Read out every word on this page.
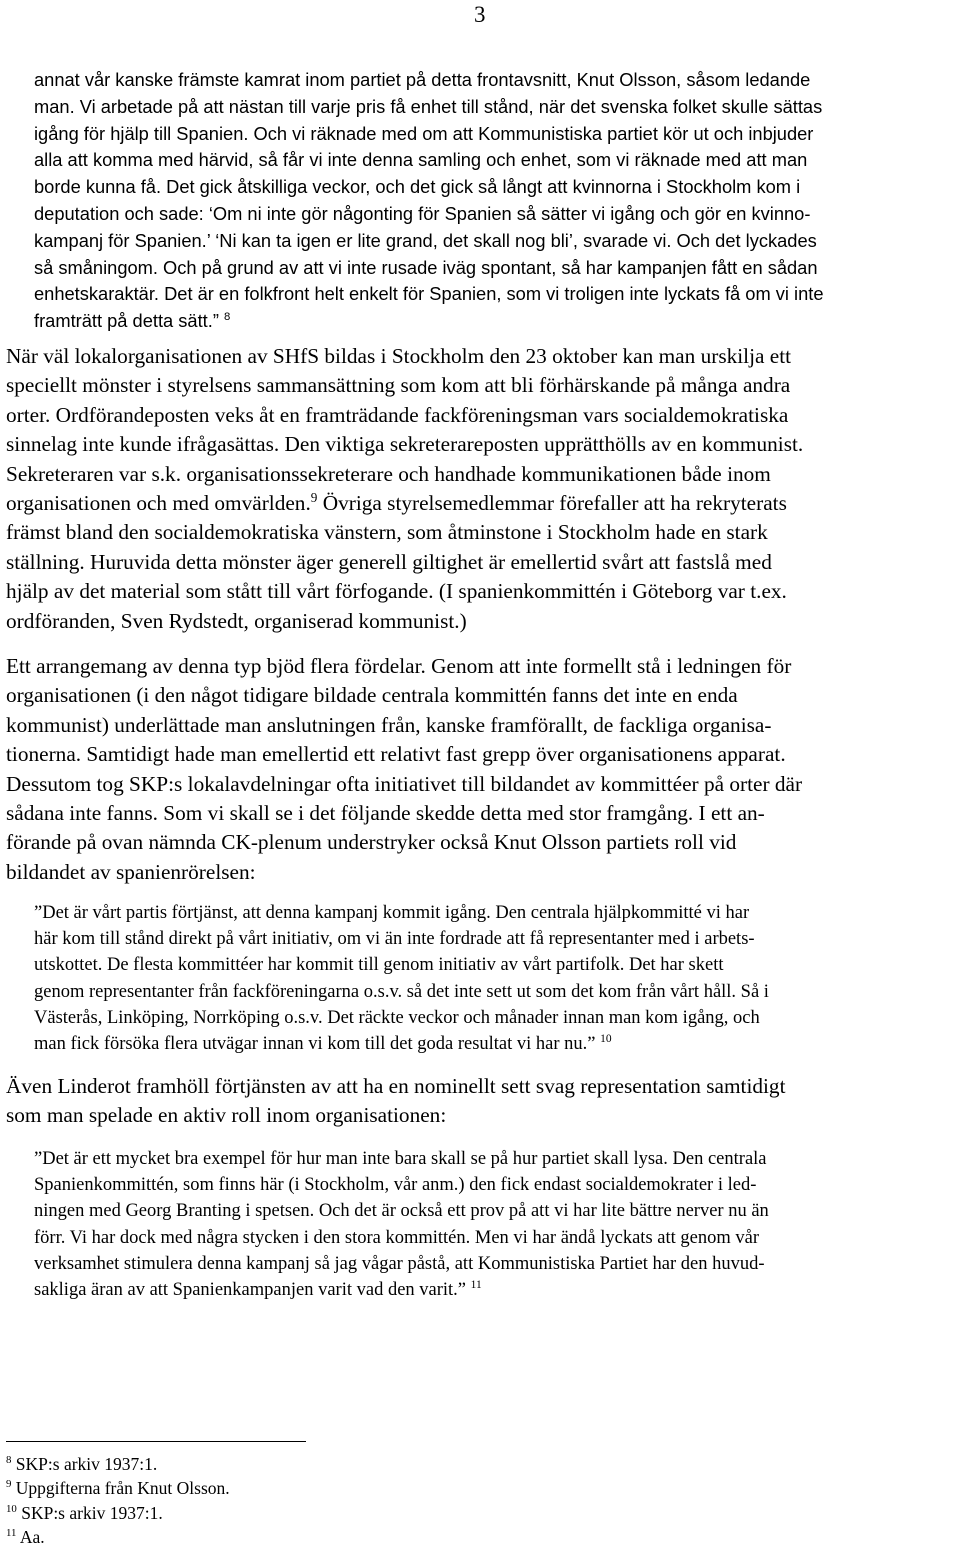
3
annat vår kanske främste kamrat inom partiet på detta frontavsnitt, Knut Olsson, såsom ledande
man. Vi arbetade på att nästan till varje pris få enhet till stånd, när det svenska folket skulle sättas
igång för hjälp till Spanien. Och vi räknade med om att Kommunistiska partiet kör ut och inbjuder
alla att komma med härvid, så får vi inte denna samling och enhet, som vi räknade med att man
borde kunna få. Det gick åtskilliga veckor, och det gick så långt att kvinnorna i Stockholm kom i
deputation och sade: ‘Om ni inte gör någonting för Spanien så sätter vi igång och gör en kvinno-
kampanj för Spanien.’ ‘Ni kan ta igen er lite grand, det skall nog bli’, svarade vi. Och det lyckades
så småningom. Och på grund av att vi inte rusade iväg spontant, så har kampanjen fått en sådan
enhetskaraktär. Det är en folkfront helt enkelt för Spanien, som vi troligen inte lyckats få om vi inte
framträtt på detta sätt.” $^8$
När väl lokalorganisationen av SHfS bildas i Stockholm den 23 oktober kan man urskilja ett
speciellt mönster i styrelsens sammansättning som kom att bli förhärskande på många andra
orter. Ordförandeposten veks åt en framträdande fackföreningsman vars socialdemokratiska
sinnelag inte kunde ifrågasättas. Den viktiga sekreterareposten upprätthölls av en kommunist.
Sekreteraren var s.k. organisationssekreterare och handhade kommunikationen både inom
organisationen och med omvärlden.$^9$ Övriga styrelsemedlemmar förefaller att ha rekryterats
främst bland den socialdemokratiska vänstern, som åtminstone i Stockholm hade en stark
ställning. Huruvida detta mönster äger generell giltighet är emellertid svårt att fastslå med
hjälp av det material som stått till vårt förfogande. (I spanienkommittén i Göteborg var t.ex.
ordföranden, Sven Rydstedt, organiserad kommunist.)
Ett arrangemang av denna typ bjöd flera fördelar. Genom att inte formellt stå i ledningen för
organisationen (i den något tidigare bildade centrala kommittén fanns det inte en enda
kommunist) underlättade man anslutningen från, kanske framförallt, de fackliga organisa-
tionerna. Samtidigt hade man emellertid ett relativt fast grepp över organisationens apparat.
Dessutom tog SKP:s lokalavdelningar ofta initiativet till bildandet av kommittéer på orter där
sådana inte fanns. Som vi skall se i det följande skedde detta med stor framgång. I ett an-
förande på ovan nämnda CK-plenum understryker också Knut Olsson partiets roll vid
bildandet av spanienrörelsen:
”Det är vårt partis förtjänst, att denna kampanj kommit igång. Den centrala hjälpkommitté vi har
här kom till stånd direkt på vårt initiativ, om vi än inte fordrade att få representanter med i arbets-
utskottet. De flesta kommittéer har kommit till genom initiativ av vårt partifolk. Det har skett
genom representanter från fackföreningarna o.s.v. så det inte sett ut som det kom från vårt håll. Så i
Västerås, Linköping, Norrköping o.s.v. Det räckte veckor och månader innan man kom igång, och
man fick försöka flera utvägar innan vi kom till det goda resultat vi har nu.” $^{10}$
Även Linderot framhöll förtjänsten av att ha en nominellt sett svag representation samtidigt
som man spelade en aktiv roll inom organisationen:
”Det är ett mycket bra exempel för hur man inte bara skall se på hur partiet skall lysa. Den centrala
Spanienkommittén, som finns här (i Stockholm, vår anm.) den fick endast socialdemokrater i led-
ningen med Georg Branting i spetsen. Och det är också ett prov på att vi har lite bättre nerver nu än
förr. Vi har dock med några stycken i den stora kommittén. Men vi har ändå lyckats att genom vår
verksamhet stimulera denna kampanj så jag vågar påstå, att Kommunistiska Partiet har den huvud-
sakliga äran av att Spanienkampanjen varit vad den varit.” $^{11}$
$^8$ SKP:s arkiv 1937:1.
$^9$ Uppgifterna från Knut Olsson.
$^{10}$ SKP:s arkiv 1937:1.
$^{11}$ Aa.
